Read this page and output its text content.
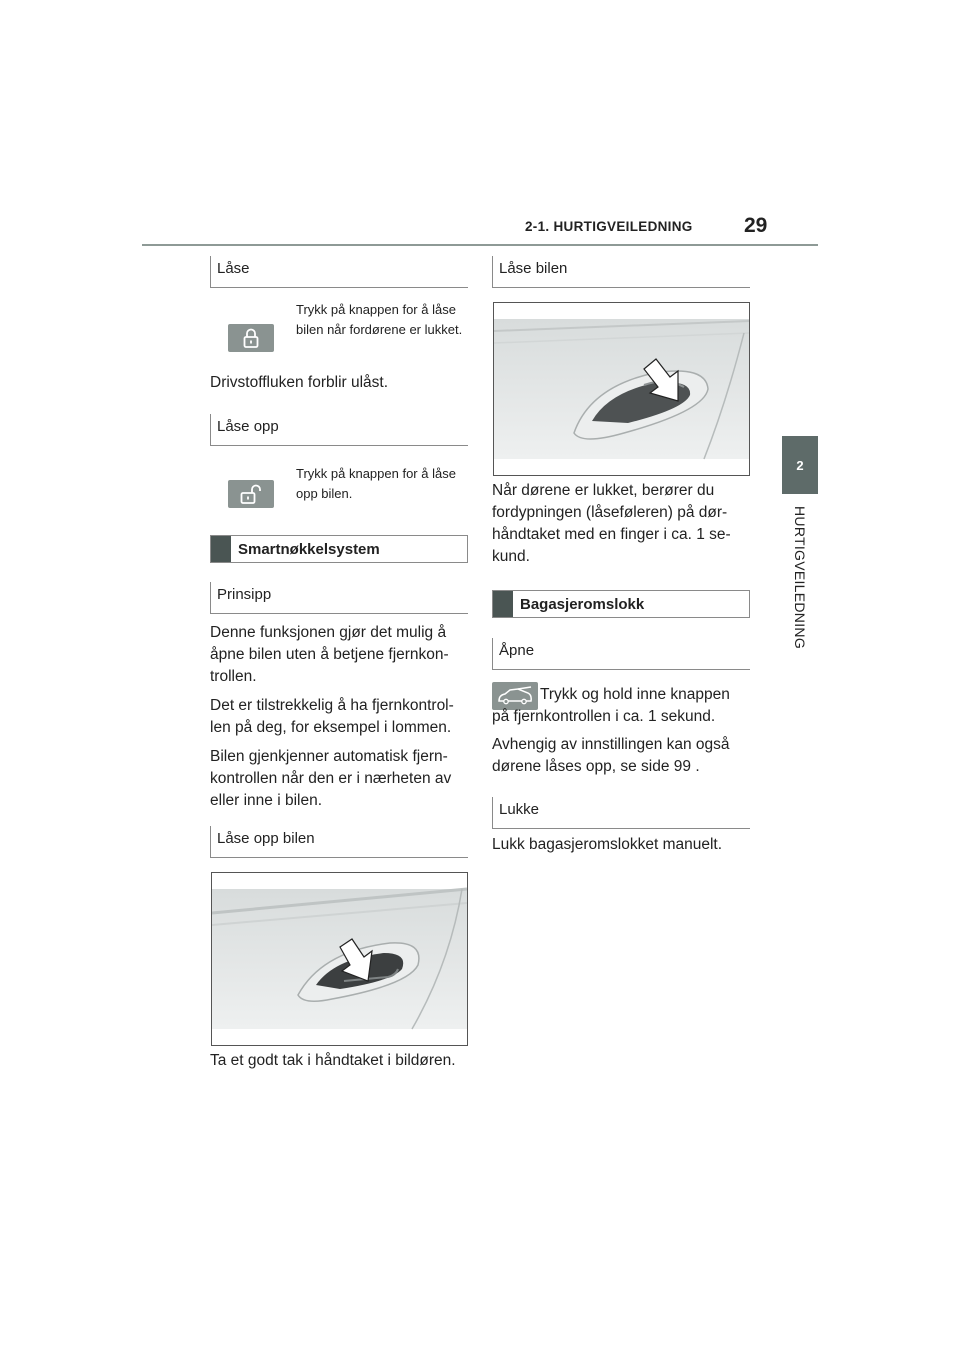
2-1. HURTIGVEILEDNING 29
2
HURTIGVEILEDNING
Låse
Trykk på knappen for å låse bilen når fordørene er lukket.
Drivstoffluken forblir ulåst.
Låse opp
Trykk på knappen for å låse opp bilen.
Smartnøkkelsystem
Prinsipp

Denne funksjonen gjør det mulig å åpne bilen uten å betjene fjernkon-trollen.

Det er tilstrekkelig å ha fjernkontrol-len på deg, for eksempel i lommen.

Bilen gjenkjenner automatisk fjern-kontrollen når den er i nærheten av eller inne i bilen.

Låse opp bilen
Ta et godt tak i håndtaket i bildøren.
Låse bilen
Når dørene er lukket, berører du fordypningen (låseføleren) på dør-håndtaket med en finger i ca. 1 se-kund.
Bagasjeromslokk
Åpne
Trykk og hold inne knappen på fjernkontrollen i ca. 1 sekund.
Avhengig av innstillingen kan også dørene låses opp, se side 99 .
Lukke
Lukk bagasjeromslokket manuelt.
